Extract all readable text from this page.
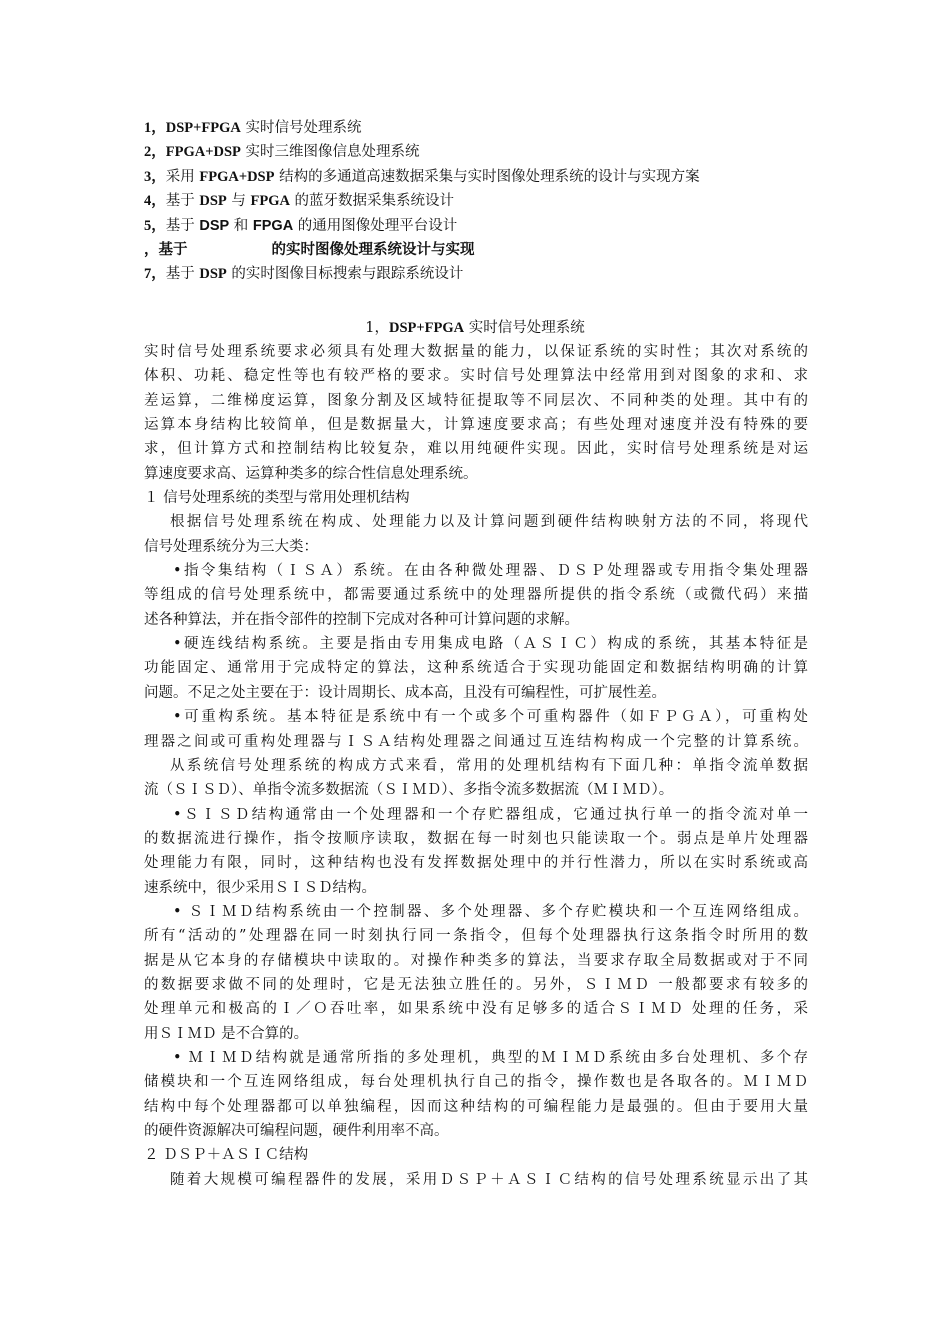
1，DSP+FPGA 实时信号处理系统
2，FPGA+DSP 实时三维图像信息处理系统
3，采用 FPGA+DSP 结构的多通道高速数据采集与实时图像处理系统的设计与实现方案
4，基于 DSP 与 FPGA 的蓝牙数据采集系统设计
5，基于 DSP 和 FPGA 的通用图像处理平台设计
，基于	的实时图像处理系统设计与实现
7，基于 DSP 的实时图像目标搜索与跟踪系统设计
1，DSP+FPGA 实时信号处理系统
实时信号处理系统要求必须具有处理大数据量的能力，以保证系统的实时性；其次对系统的
体积、功耗、稳定性等也有较严格的要求。实时信号处理算法中经常用到对图象的求和、求
差运算，二维梯度运算，图象分割及区域特征提取等不同层次、不同种类的处理。其中有的
运算本身结构比较简单，但是数据量大，计算速度要求高；有些处理对速度并没有特殊的要
求，但计算方式和控制结构比较复杂，难以用纯硬件实现。因此，实时信号处理系统是对运
算速度要求高、运算种类多的综合性信息处理系统。
１ 信号处理系统的类型与常用处理机结构
根据信号处理系统在构成、处理能力以及计算问题到硬件结构映射方法的不同，将现代
信号处理系统分为三大类：
•指令集结构（ＩＳＡ）系统。在由各种微处理器、ＤＳＰ处理器或专用指令集处理器
等组成的信号处理系统中，都需要通过系统中的处理器所提供的指令系统（或微代码）来描
述各种算法，并在指令部件的控制下完成对各种可计算问题的求解。
•硬连线结构系统。主要是指由专用集成电路（ＡＳＩＣ）构成的系统，其基本特征是
功能固定、通常用于完成特定的算法，这种系统适合于实现功能固定和数据结构明确的计算
问题。不足之处主要在于：设计周期长、成本高，且没有可编程性，可扩展性差。
•可重构系统。基本特征是系统中有一个或多个可重构器件（如ＦＰＧＡ），可重构处
理器之间或可重构处理器与ＩＳＡ结构处理器之间通过互连结构构成一个完整的计算系统。
从系统信号处理系统的构成方式来看，常用的处理机结构有下面几种：单指令流单数据
流（ＳＩＳＤ）、单指令流多数据流（ＳＩＭＤ）、多指令流多数据流（ＭＩＭＤ）。
•ＳＩＳＤ结构通常由一个处理器和一个存贮器组成，它通过执行单一的指令流对单一
的数据流进行操作，指令按顺序读取，数据在每一时刻也只能读取一个。弱点是单片处理器
处理能力有限，同时，这种结构也没有发挥数据处理中的并行性潜力，所以在实时系统或高
速系统中，很少采用ＳＩＳＤ结构。
• ＳＩＭＤ结构系统由一个控制器、多个处理器、多个存贮模块和一个互连网络组成。
所有“活动的”处理器在同一时刻执行同一条指令，但每个处理器执行这条指令时所用的数
据是从它本身的存储模块中读取的。对操作种类多的算法，当要求存取全局数据或对于不同
的数据要求做不同的处理时，它是无法独立胜任的。另外，ＳＩＭＤ 一般都要求有较多的
处理单元和极高的Ｉ／Ｏ吞吐率，如果系统中没有足够多的适合ＳＩＭＤ 处理的任务，采
用ＳＩＭＤ 是不合算的。
• ＭＩＭＤ结构就是通常所指的多处理机，典型的ＭＩＭＤ系统由多台处理机、多个存
储模块和一个互连网络组成，每台处理机执行自己的指令，操作数也是各取各的。ＭＩＭＤ
结构中每个处理器都可以单独编程，因而这种结构的可编程能力是最强的。但由于要用大量
的硬件资源解决可编程问题，硬件利用率不高。
２ ＤＳＰ＋ＡＳＩＣ结构
随着大规模可编程器件的发展，采用ＤＳＰ＋ＡＳＩＣ结构的信号处理系统显示出了其
